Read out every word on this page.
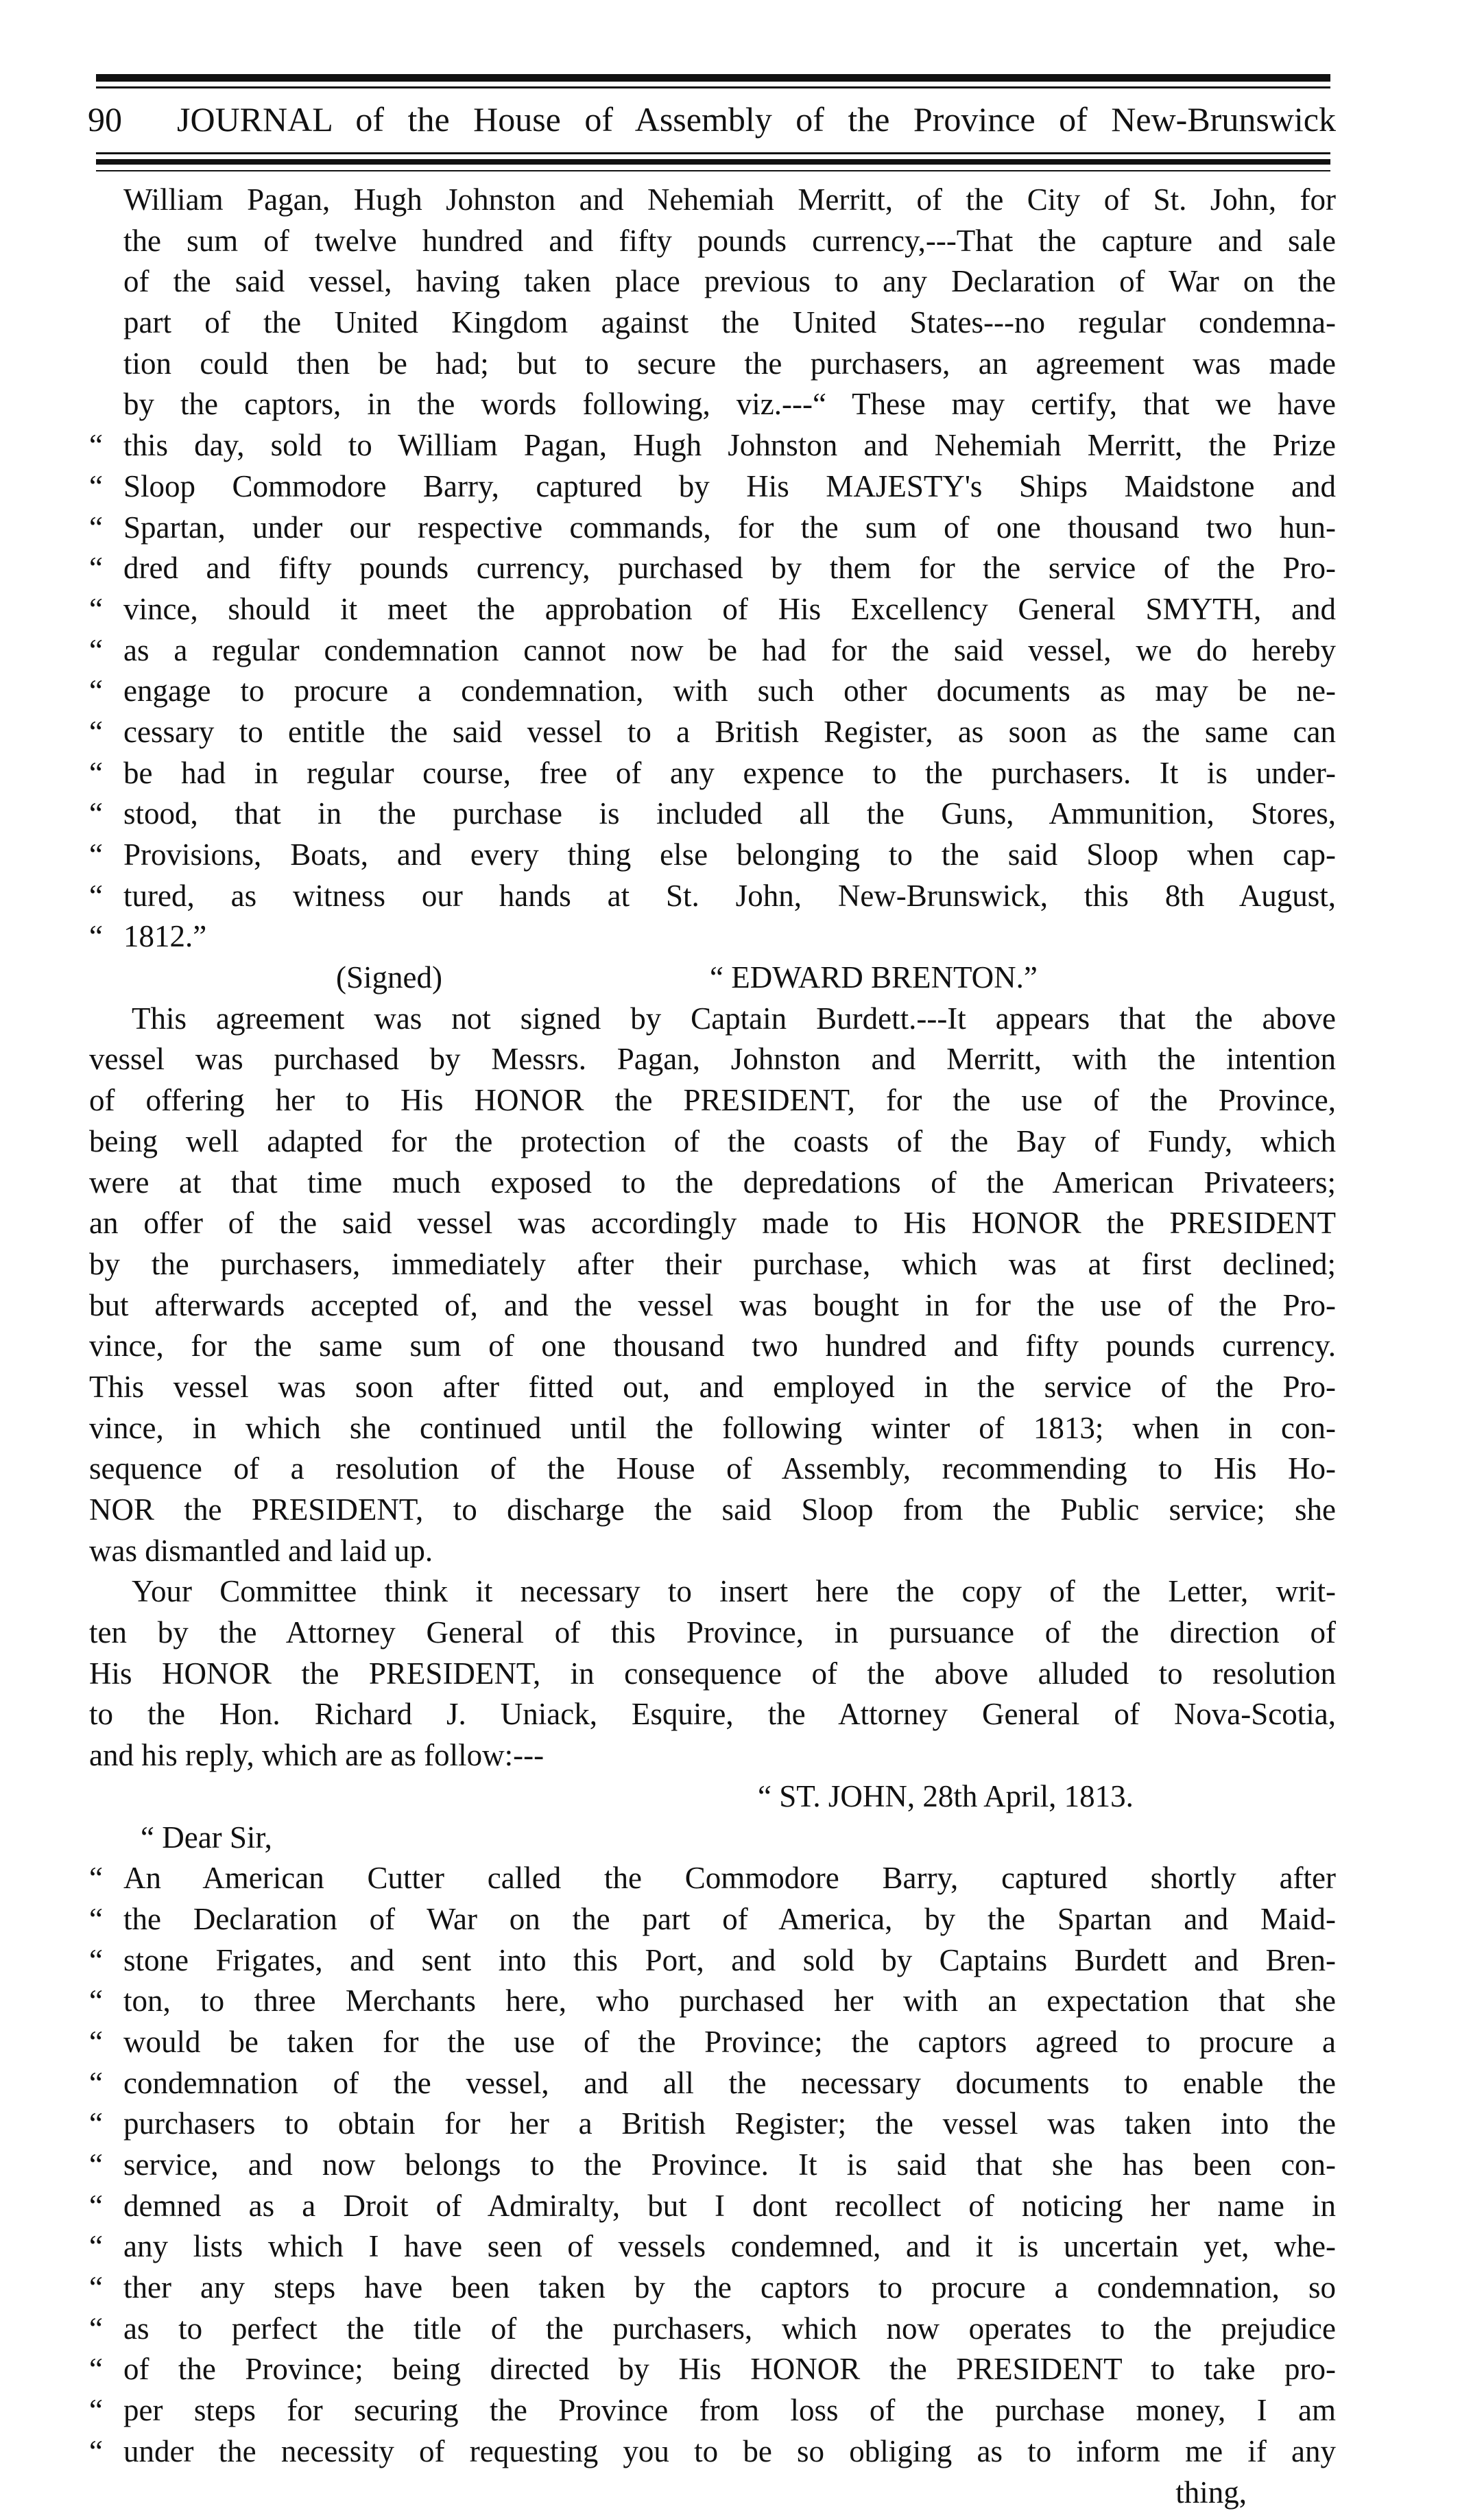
90 JOURNAL of the House of Assembly of the Province of New-Brunswick
William Pagan, Hugh Johnston and Nehemiah Merritt, of the City of St. John, for
the sum of twelve hundred and fifty pounds currency,---That the capture and sale
of the said vessel, having taken place previous to any Declaration of War on the
part of the United Kingdom against the United States---no regular condemna-
tion could then be had; but to secure the purchasers, an agreement was made
by the captors, in the words following, viz.---“ These may certify, that we have
“ this day, sold to William Pagan, Hugh Johnston and Nehemiah Merritt, the Prize
“ Sloop Commodore Barry, captured by His MAJESTY's Ships Maidstone and
“ Spartan, under our respective commands, for the sum of one thousand two hun-
“ dred and fifty pounds currency, purchased by them for the service of the Pro-
“ vince, should it meet the approbation of His Excellency General SMYTH, and
“ as a regular condemnation cannot now be had for the said vessel, we do hereby
“ engage to procure a condemnation, with such other documents as may be ne-
“ cessary to entitle the said vessel to a British Register, as soon as the same can
“ be had in regular course, free of any expence to the purchasers. It is under-
“ stood, that in the purchase is included all the Guns, Ammunition, Stores,
“ Provisions, Boats, and every thing else belonging to the said Sloop when cap-
“ tured, as witness our hands at St. John, New-Brunswick, this 8th August,
“ 1812.”
(Signed)	“ EDWARD BRENTON.”
This agreement was not signed by Captain Burdett.---It appears that the above
vessel was purchased by Messrs. Pagan, Johnston and Merritt, with the intention
of offering her to His HONOR the PRESIDENT, for the use of the Province,
being well adapted for the protection of the coasts of the Bay of Fundy, which
were at that time much exposed to the depredations of the American Privateers;
an offer of the said vessel was accordingly made to His HONOR the PRESIDENT
by the purchasers, immediately after their purchase, which was at first declined;
but afterwards accepted of, and the vessel was bought in for the use of the Pro-
vince, for the same sum of one thousand two hundred and fifty pounds currency.
This vessel was soon after fitted out, and employed in the service of the Pro-
vince, in which she continued until the following winter of 1813; when in con-
sequence of a resolution of the House of Assembly, recommending to His Ho-
NOR the PRESIDENT, to discharge the said Sloop from the Public service; she
was dismantled and laid up.
Your Committee think it necessary to insert here the copy of the Letter, writ-
ten by the Attorney General of this Province, in pursuance of the direction of
His HONOR the PRESIDENT, in consequence of the above alluded to resolution
to the Hon. Richard J. Uniack, Esquire, the Attorney General of Nova-Scotia,
and his reply, which are as follow:---
“ ST. JOHN, 28th April, 1813.
“ Dear Sir,
“ An American Cutter called the Commodore Barry, captured shortly after
“ the Declaration of War on the part of America, by the Spartan and Maid-
“ stone Frigates, and sent into this Port, and sold by Captains Burdett and Bren-
“ ton, to three Merchants here, who purchased her with an expectation that she
“ would be taken for the use of the Province; the captors agreed to procure a
“ condemnation of the vessel, and all the necessary documents to enable the
“ purchasers to obtain for her a British Register; the vessel was taken into the
“ service, and now belongs to the Province. It is said that she has been con-
“ demned as a Droit of Admiralty, but I dont recollect of noticing her name in
“ any lists which I have seen of vessels condemned, and it is uncertain yet, whe-
“ ther any steps have been taken by the captors to procure a condemnation, so
“ as to perfect the title of the purchasers, which now operates to the prejudice
“ of the Province; being directed by His HONOR the PRESIDENT to take pro-
“ per steps for securing the Province from loss of the purchase money, I am
“ under the necessity of requesting you to be so obliging as to inform me if any
thing,
